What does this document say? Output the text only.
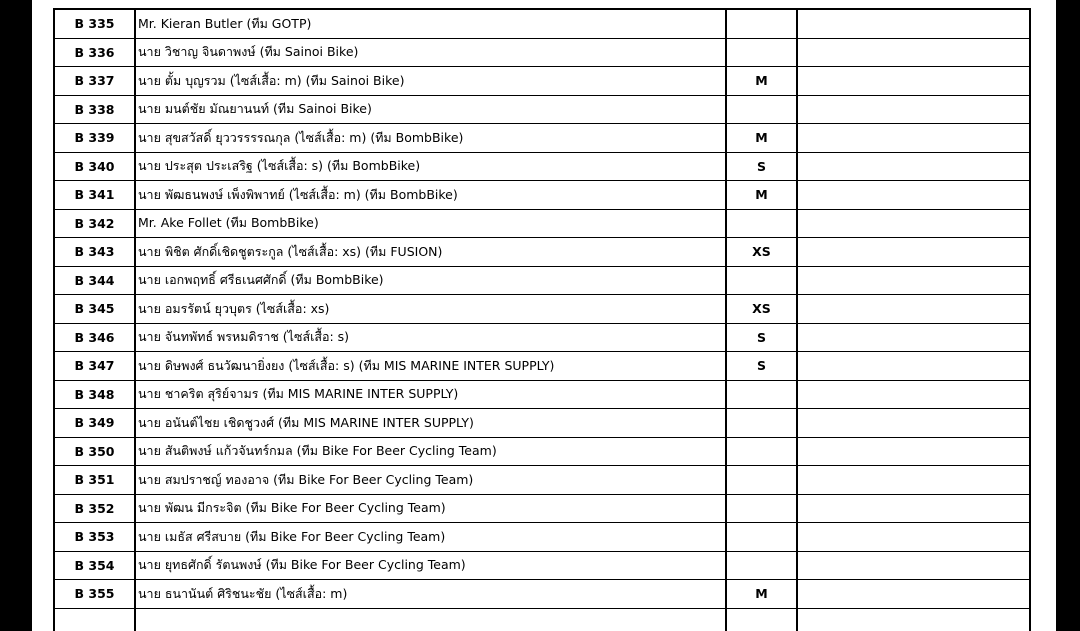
B 335	Mr. Kieran Butler (ทีม GOTP)		
B 336	นาย วิชาญ จินดาพงษ์ (ทีม Sainoi Bike)		
B 337	นาย ตั้ม บุญรวม (ไซส์เสื้อ: m) (ทีม Sainoi Bike)	M	
B 338	นาย มนต์ชัย มัณยานนท์ (ทีม Sainoi Bike)		
B 339	นาย สุขสวัสดิ์ ยุววรรรรณกุล (ไซส์เสื้อ: m) (ทีม BombBike)	M	
B 340	นาย ประสุต ประเสริฐ (ไซส์เสื้อ: s) (ทีม BombBike)	S	
B 341	นาย พัฒธนพงษ์ เพ็งพิพาทย์ (ไซส์เสื้อ: m) (ทีม BombBike)	M	
B 342	Mr. Ake Follet (ทีม BombBike)		
B 343	นาย พิชิต ศักดิ์เชิดชูตระกูล (ไซส์เสื้อ: xs) (ทีม FUSION)	XS	
B 344	นาย เอกพฤทธิ์ ศรีธเนศศักดิ์ (ทีม BombBike)		
B 345	นาย อมรรัตน์ ยุวบุตร (ไซส์เสื้อ: xs)	XS	
B 346	นาย จันทพัทธ์ พรหมดิราช (ไซส์เสื้อ: s)	S	
B 347	นาย ดิษพงศ์ ธนวัฒนายิ่งยง (ไซส์เสื้อ: s) (ทีม MIS MARINE INTER SUPPLY)	S	
B 348	นาย ชาคริต สุริย์จามร (ทีม MIS MARINE INTER SUPPLY)		
B 349	นาย อนันต์ไชย เชิดชูวงศ์ (ทีม MIS MARINE INTER SUPPLY)		
B 350	นาย สันติพงษ์ แก้วจันทร์กมล (ทีม Bike For Beer Cycling Team)		
B 351	นาย สมปราชญ์ ทองอาจ (ทีม Bike For Beer Cycling Team)		
B 352	นาย พัฒน มีกระจิต (ทีม Bike For Beer Cycling Team)		
B 353	นาย เมธัส ศรีสบาย (ทีม Bike For Beer Cycling Team)		
B 354	นาย ยุทธศักดิ์ รัตนพงษ์ (ทีม Bike For Beer Cycling Team)		
B 355	นาย ธนานันต์ ศิริชนะชัย (ไซส์เสื้อ: m)	M	
